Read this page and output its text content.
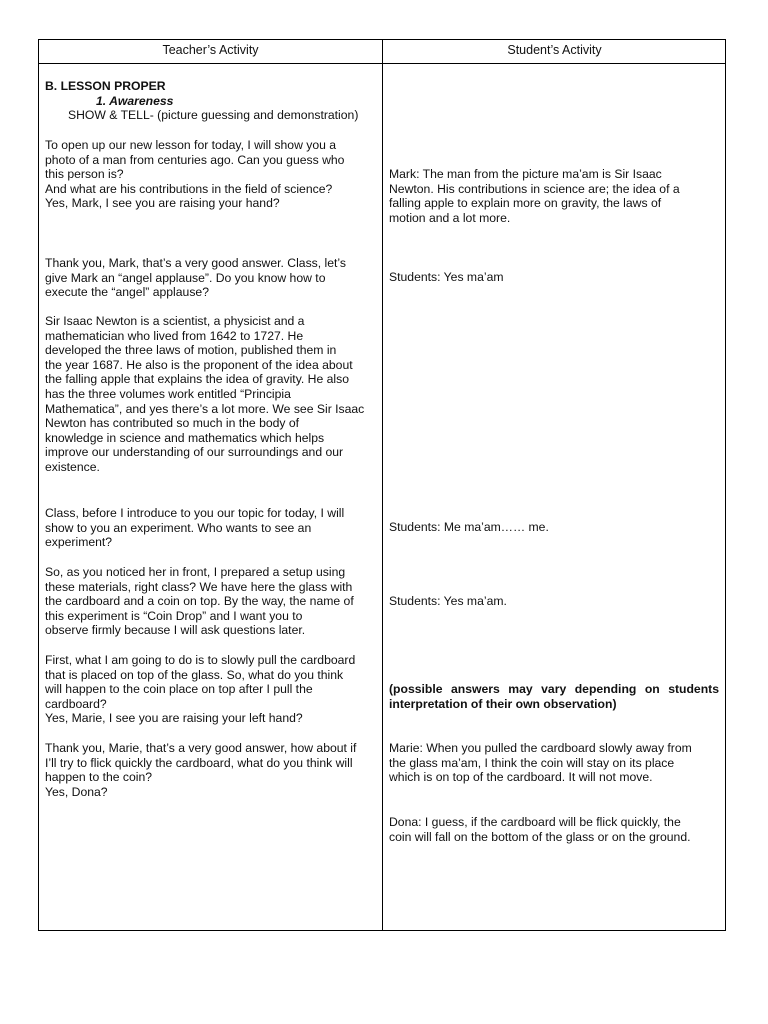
Teacher’s Activity	Student’s Activity

B. LESSON PROPER

1. Awareness

SHOW & TELL- (picture guessing and demonstration)

To open up our new lesson for today, I will show you a
photo of a man from centuries ago. Can you guess who
this person is?
And what are his contributions in the field of science?
Yes, Mark, I see you are raising your hand?

Thank you, Mark, that’s a very good answer. Class, let’s
give Mark an “angel applause”. Do you know how to
execute the “angel” applause?

Sir Isaac Newton is a scientist, a physicist and a
mathematician who lived from 1642 to 1727. He
developed the three laws of motion, published them in
the year 1687. He also is the proponent of the idea about
the falling apple that explains the idea of gravity. He also
has the three volumes work entitled “Principia
Mathematica”, and yes there’s a lot more. We see Sir Isaac
Newton has contributed so much in the body of
knowledge in science and mathematics which helps
improve our understanding of our surroundings and our
existence.

Class, before I introduce to you our topic for today, I will
show to you an experiment. Who wants to see an
experiment?

So, as you noticed her in front, I prepared a setup using
these materials, right class? We have here the glass with
the cardboard and a coin on top. By the way, the name of
this experiment is “Coin Drop” and I want you to
observe firmly because I will ask questions later.

First, what I am going to do is to slowly pull the cardboard
that is placed on top of the glass. So, what do you think
will happen to the coin place on top after I pull the
cardboard?
Yes, Marie, I see you are raising your left hand?

Thank you, Marie, that’s a very good answer, how about if
I’ll try to flick quickly the cardboard, what do you think will
happen to the coin?
Yes, Dona?

Mark: The man from the picture ma’am is Sir Isaac
Newton. His contributions in science are; the idea of a
falling apple to explain more on gravity, the laws of
motion and a lot more.

Students: Yes ma’am

Students: Me ma’am…… me.

Students: Yes ma’am.

(possible answers may vary depending on students interpretation of their own observation)

Marie: When you pulled the cardboard slowly away from
the glass ma’am, I think the coin will stay on its place
which is on top of the cardboard. It will not move.

Dona: I guess, if the cardboard will be flick quickly, the
coin will fall on the bottom of the glass or on the ground.
